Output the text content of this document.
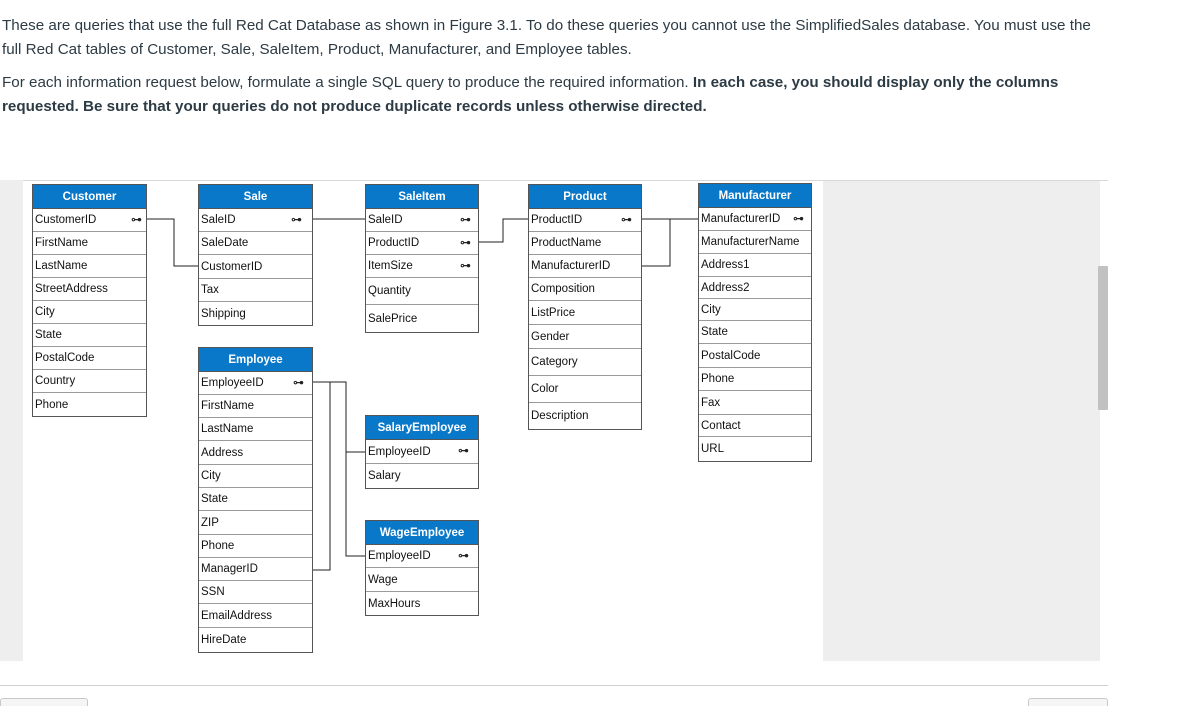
These are queries that use the full Red Cat Database as shown in Figure 3.1. To do these queries you cannot use the SimplifiedSales database. You must use the full Red Cat tables of Customer, Sale, SaleItem, Product, Manufacturer, and Employee tables.

For each information request below, formulate a single SQL query to produce the required information. In each case, you should display only the columns requested. Be sure that your queries do not produce duplicate records unless otherwise directed.

Customer
CustomerID	⊶
FirstName
LastName
StreetAddress
City
State
PostalCode
Country
Phone
Sale
SaleID	⊶
SaleDate
CustomerID
Tax
Shipping
SaleItem
SaleID	⊶
ProductID	⊶
ItemSize	⊶
Quantity
SalePrice
Product
ProductID	⊶
ProductName
ManufacturerID
Composition
ListPrice
Gender
Category
Color
Description
Manufacturer
ManufacturerID ⊶
ManufacturerName
Address1
Address2
City
State
PostalCode
Phone
Fax
Contact
URL
Employee
EmployeeID	⊶
FirstName
LastName
Address
City
State
ZIP
Phone
ManagerID
SSN
EmailAddress
HireDate
SalaryEmployee
EmployeeID ⊶
Salary
WageEmployee
EmployeeID ⊶
Wage
MaxHours
